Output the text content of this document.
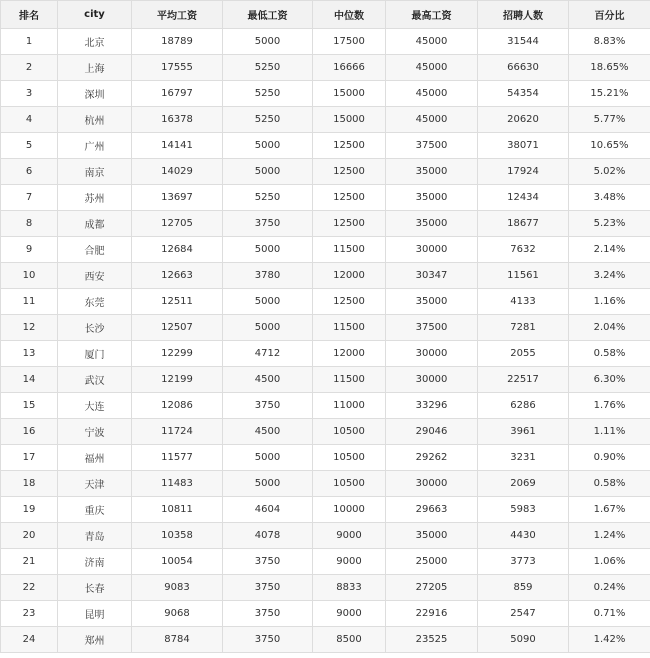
排名	city	平均工资	最低工资	中位数	最高工资	招聘人数	百分比
1	北京	18789	5000	17500	45000	31544	8.83%
2	上海	17555	5250	16666	45000	66630	18.65%
3	深圳	16797	5250	15000	45000	54354	15.21%
4	杭州	16378	5250	15000	45000	20620	5.77%
5	广州	14141	5000	12500	37500	38071	10.65%
6	南京	14029	5000	12500	35000	17924	5.02%
7	苏州	13697	5250	12500	35000	12434	3.48%
8	成都	12705	3750	12500	35000	18677	5.23%
9	合肥	12684	5000	11500	30000	7632	2.14%
10	西安	12663	3780	12000	30347	11561	3.24%
11	东莞	12511	5000	12500	35000	4133	1.16%
12	长沙	12507	5000	11500	37500	7281	2.04%
13	厦门	12299	4712	12000	30000	2055	0.58%
14	武汉	12199	4500	11500	30000	22517	6.30%
15	大连	12086	3750	11000	33296	6286	1.76%
16	宁波	11724	4500	10500	29046	3961	1.11%
17	福州	11577	5000	10500	29262	3231	0.90%
18	天津	11483	5000	10500	30000	2069	0.58%
19	重庆	10811	4604	10000	29663	5983	1.67%
20	青岛	10358	4078	9000	35000	4430	1.24%
21	济南	10054	3750	9000	25000	3773	1.06%
22	长春	9083	3750	8833	27205	859	0.24%
23	昆明	9068	3750	9000	22916	2547	0.71%
24	郑州	8784	3750	8500	23525	5090	1.42%
